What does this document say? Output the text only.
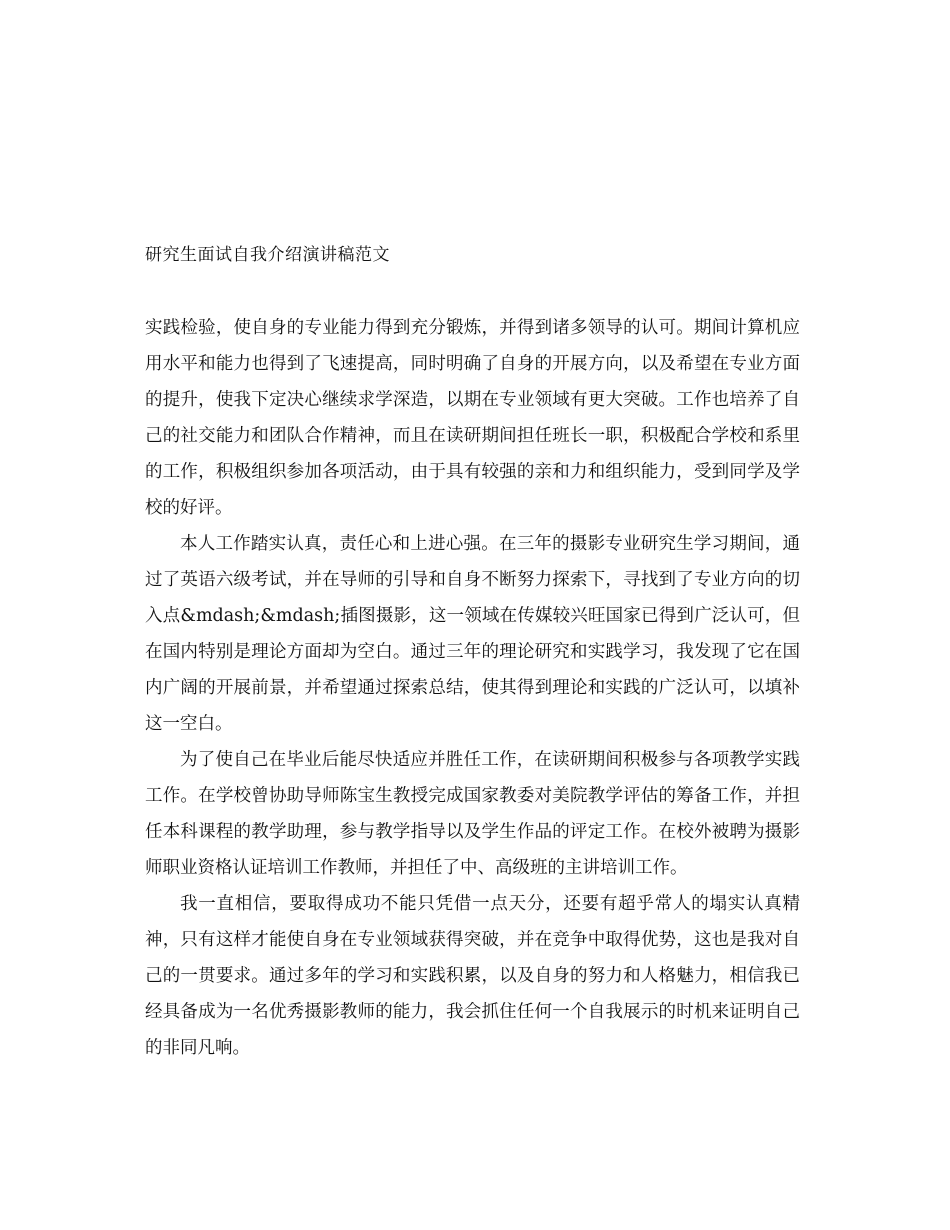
研究生面试自我介绍演讲稿范文

实践检验，使自身的专业能力得到充分锻炼，并得到诸多领导的认可。期间计算机应用水平和能力也得到了飞速提高，同时明确了自身的开展方向，以及希望在专业方面的提升，使我下定决心继续求学深造，以期在专业领域有更大突破。工作也培养了自己的社交能力和团队合作精神，而且在读研期间担任班长一职，积极配合学校和系里的工作，积极组织参加各项活动，由于具有较强的亲和力和组织能力，受到同学及学校的好评。

本人工作踏实认真，责任心和上进心强。在三年的摄影专业研究生学习期间，通过了英语六级考试，并在导师的引导和自身不断努力探索下，寻找到了专业方向的切入点&mdash;&mdash;插图摄影，这一领域在传媒较兴旺国家已得到广泛认可，但在国内特别是理论方面却为空白。通过三年的理论研究和实践学习，我发现了它在国内广阔的开展前景，并希望通过探索总结，使其得到理论和实践的广泛认可，以填补这一空白。

为了使自己在毕业后能尽快适应并胜任工作，在读研期间积极参与各项教学实践工作。在学校曾协助导师陈宝生教授完成国家教委对美院教学评估的筹备工作，并担任本科课程的教学助理，参与教学指导以及学生作品的评定工作。在校外被聘为摄影师职业资格认证培训工作教师，并担任了中、高级班的主讲培训工作。

我一直相信，要取得成功不能只凭借一点天分，还要有超乎常人的塌实认真精神，只有这样才能使自身在专业领域获得突破，并在竞争中取得优势，这也是我对自己的一贯要求。通过多年的学习和实践积累，以及自身的努力和人格魅力，相信我已经具备成为一名优秀摄影教师的能力，我会抓住任何一个自我展示的时机来证明自己的非同凡响。
